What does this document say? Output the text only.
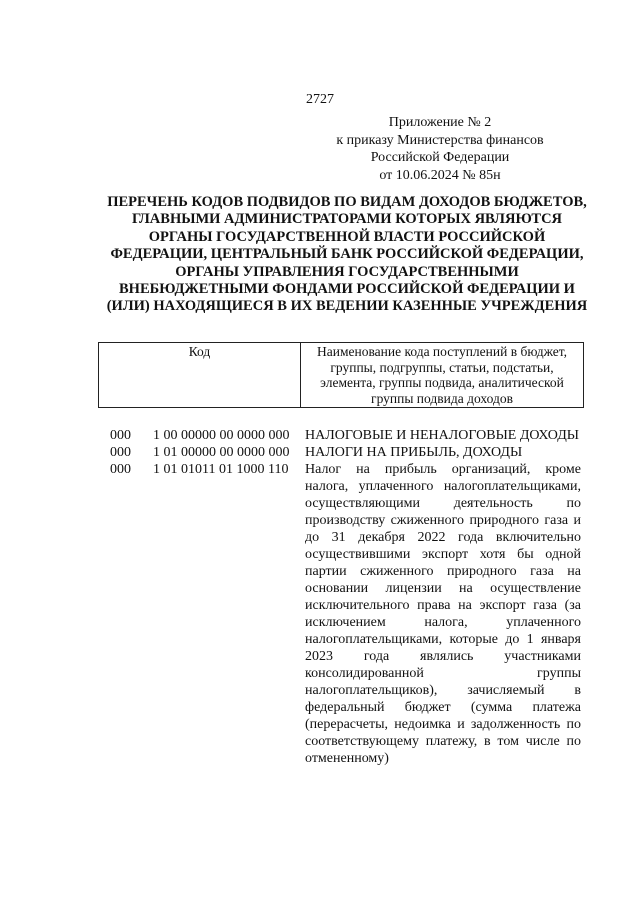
2727
Приложение № 2
к приказу Министерства финансов
Российской Федерации
от 10.06.2024 № 85н

ПЕРЕЧЕНЬ КОДОВ ПОДВИДОВ ПО ВИДАМ ДОХОДОВ БЮДЖЕТОВ, ГЛАВНЫМИ АДМИНИСТРАТОРАМИ КОТОРЫХ ЯВЛЯЮТСЯ ОРГАНЫ ГОСУДАРСТВЕННОЙ ВЛАСТИ РОССИЙСКОЙ ФЕДЕРАЦИИ, ЦЕНТРАЛЬНЫЙ БАНК РОССИЙСКОЙ ФЕДЕРАЦИИ, ОРГАНЫ УПРАВЛЕНИЯ ГОСУДАРСТВЕННЫМИ ВНЕБЮДЖЕТНЫМИ ФОНДАМИ РОССИЙСКОЙ ФЕДЕРАЦИИ И (ИЛИ) НАХОДЯЩИЕСЯ В ИХ ВЕДЕНИИ КАЗЕННЫЕ УЧРЕЖДЕНИЯ

Код	Наименование кода поступлений в бюджет, группы, подгруппы, статьи, подстатьи, элемента, группы подвида, аналитической группы подвида доходов
000	1 00 00000 00 0000 000	НАЛОГОВЫЕ И НЕНАЛОГОВЫЕ ДОХОДЫ
000	1 01 00000 00 0000 000	НАЛОГИ НА ПРИБЫЛЬ, ДОХОДЫ
000	1 01 01011 01 1000 110	Налог на прибыль организаций, кроме налога, уплаченного налогоплательщиками, осуществляющими деятельность по производству сжиженного природного газа и до 31 декабря 2022 года включительно осуществившими экспорт хотя бы одной партии сжиженного природного газа на основании лицензии на осуществление исключительного права на экспорт газа (за исключением налога, уплаченного налогоплательщиками, которые до 1 января 2023 года являлись участниками консолидированной группы налогоплательщиков), зачисляемый в федеральный бюджет (сумма платежа (перерасчеты, недоимка и задолженность по соответствующему платежу, в том числе по отмененному)
